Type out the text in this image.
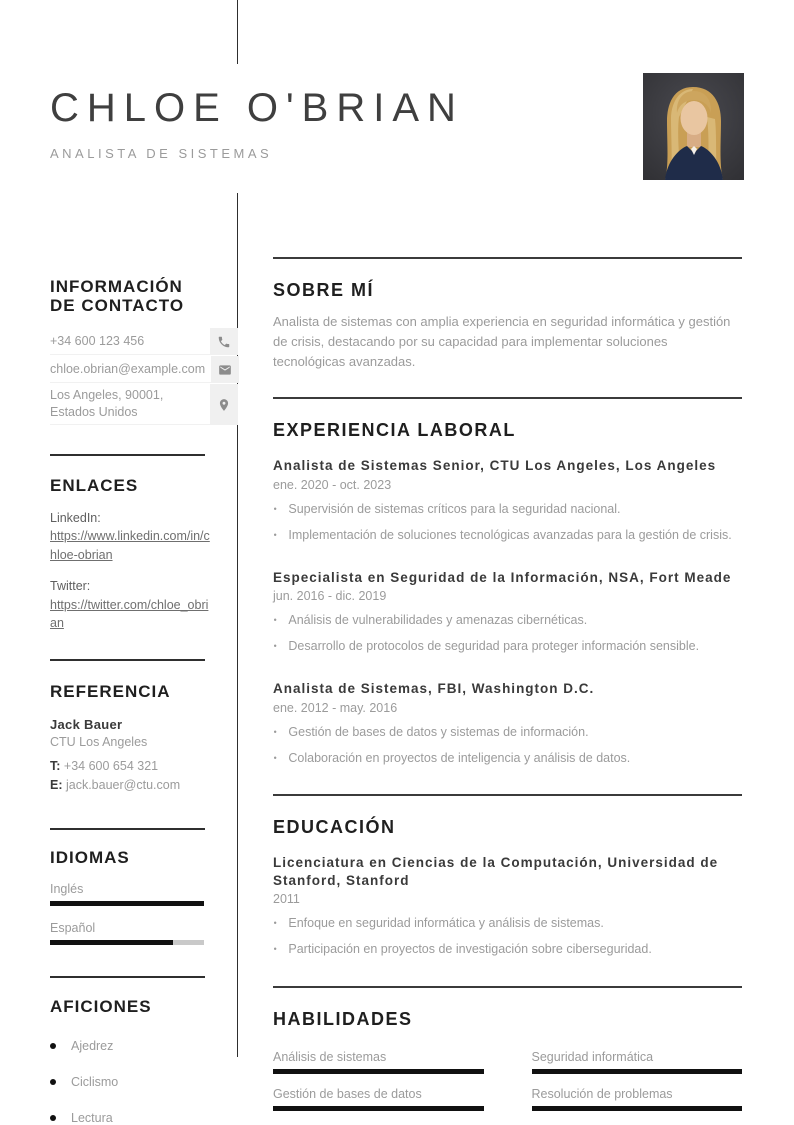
CHLOE O'BRIAN
ANALISTA DE SISTEMAS
INFORMACIÓN DE CONTACTO
+34 600 123 456
chloe.obrian@example.com
Los Angeles, 90001, Estados Unidos
ENLACES
LinkedIn:
https://www.linkedin.com/in/chloe-obrian
Twitter:
https://twitter.com/chloe_obrian
REFERENCIA
Jack Bauer
CTU Los Angeles
T: +34 600 654 321
E: jack.bauer@ctu.com
IDIOMAS
Inglés
Español
AFICIONES
Ajedrez
Ciclismo
Lectura
SOBRE MÍ

Analista de sistemas con amplia experiencia en seguridad informática y gestión de crisis, destacando por su capacidad para implementar soluciones tecnológicas avanzadas.

EXPERIENCIA LABORAL
Analista de Sistemas Senior, CTU Los Angeles, Los Angeles
ene. 2020 - oct. 2023
• Supervisión de sistemas críticos para la seguridad nacional.
• Implementación de soluciones tecnológicas avanzadas para la gestión de crisis.
Especialista en Seguridad de la Información, NSA, Fort Meade
jun. 2016 - dic. 2019
• Análisis de vulnerabilidades y amenazas cibernéticas.
• Desarrollo de protocolos de seguridad para proteger información sensible.
Analista de Sistemas, FBI, Washington D.C.
ene. 2012 - may. 2016
• Gestión de bases de datos y sistemas de información.
• Colaboración en proyectos de inteligencia y análisis de datos.
EDUCACIÓN
Licenciatura en Ciencias de la Computación, Universidad de Stanford, Stanford
2011
• Enfoque en seguridad informática y análisis de sistemas.
• Participación en proyectos de investigación sobre ciberseguridad.
HABILIDADES
Análisis de sistemas	Seguridad informática
Gestión de bases de datos	Resolución de problemas
